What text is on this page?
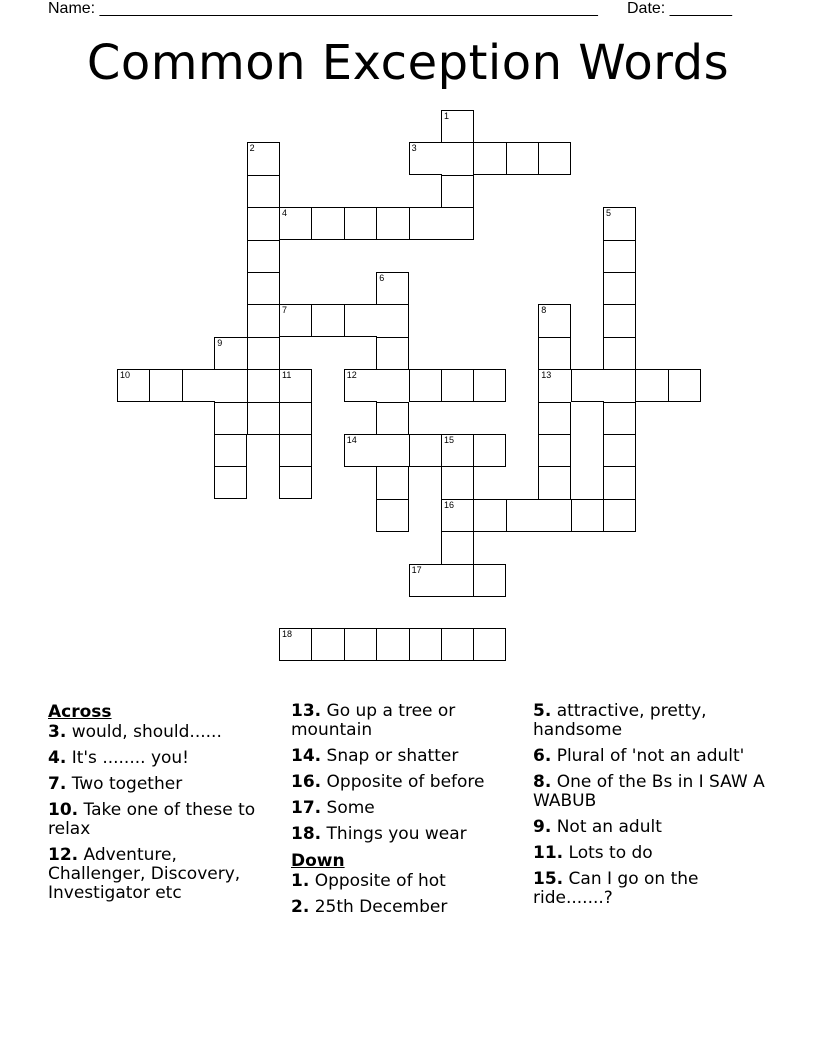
Name: ________________________________________________________ Date: _______
Common Exception Words
1
2	3
4	5
6
7	8
13
9
10	11	12
14	15
16
17
18
Across
3. would, should......
4. It's ........ you!
7. Two together
10. Take one of these to relax
12. Adventure, Challenger, Discovery, Investigator etc
13. Go up a tree or mountain
14. Snap or shatter
16. Opposite of before
17. Some
18. Things you wear
Down
1. Opposite of hot
2. 25th December
5. attractive, pretty, handsome
6. Plural of 'not an adult'
8. One of the Bs in I SAW A WABUB
9. Not an adult
11. Lots to do
15. Can I go on the ride.......?
